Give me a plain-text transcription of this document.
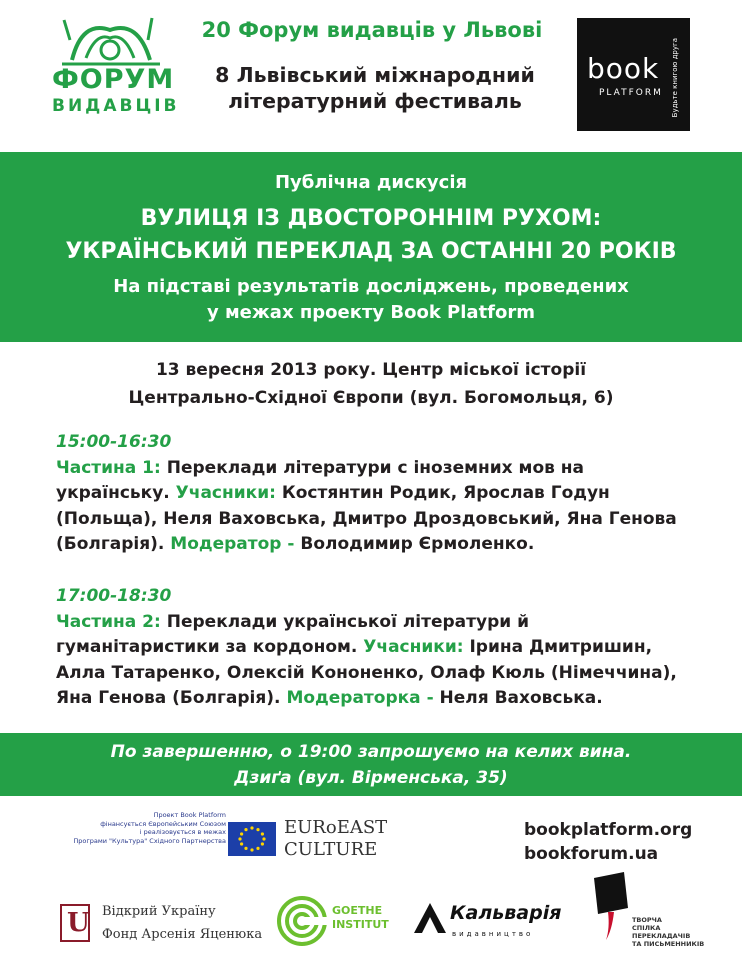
ФОРУМ
ВИДАВЦІВ
20 Форум видавців у Львові
8 Львівський міжнародний
літературний фестиваль
book
PLATFORM Будьте книгою друга
Публічна дискусія
ВУЛИЦЯ ІЗ ДВОСТОРОННІМ РУХОМ:
УКРАЇНСЬКИЙ ПЕРЕКЛАД ЗА ОСТАННІ 20 РОКІВ
На підставі результатів досліджень, проведених
у межах проекту Book Platform
13 вересня 2013 року. Центр міської історії
Центрально-Східної Європи (вул. Богомольця, 6)
15:00-16:30
Частина 1: Переклади літератури с іноземних мов на українську. Учасники: Костянтин Родик, Ярослав Годун (Польща), Неля Ваховська, Дмитро Дроздовський, Яна Генова (Болгарія). Модератор - Володимир Єрмоленко.
17:00-18:30
Частина 2: Переклади української літератури й гуманітаристики за кордоном. Учасники: Ірина Дмитришин, Алла Татаренко, Олексій Кононенко, Олаф Кюль (Німеччина), Яна Генова (Болгарія). Модераторка - Неля Ваховська.
По завершенню, о 19:00 запрошуємо на келих вина.
Дзиґа (вул. Вірменська, 35)
Проект Book Platform
фінансується Європейським Союзом
і реалізовується в межах
Програми "Культура" Східного Партнерства
EURoEAST
CULTURE
bookplatform.org
bookforum.ua
U Відкрий Україну
Фонд Арсенія Яценюка
GOETHE
INSTITUT
Кальварія
видавництво
ТВОРЧА
СПІЛКА
ПЕРЕКЛАДАЧІВ
ТА ПИСЬМЕННИКІВ
